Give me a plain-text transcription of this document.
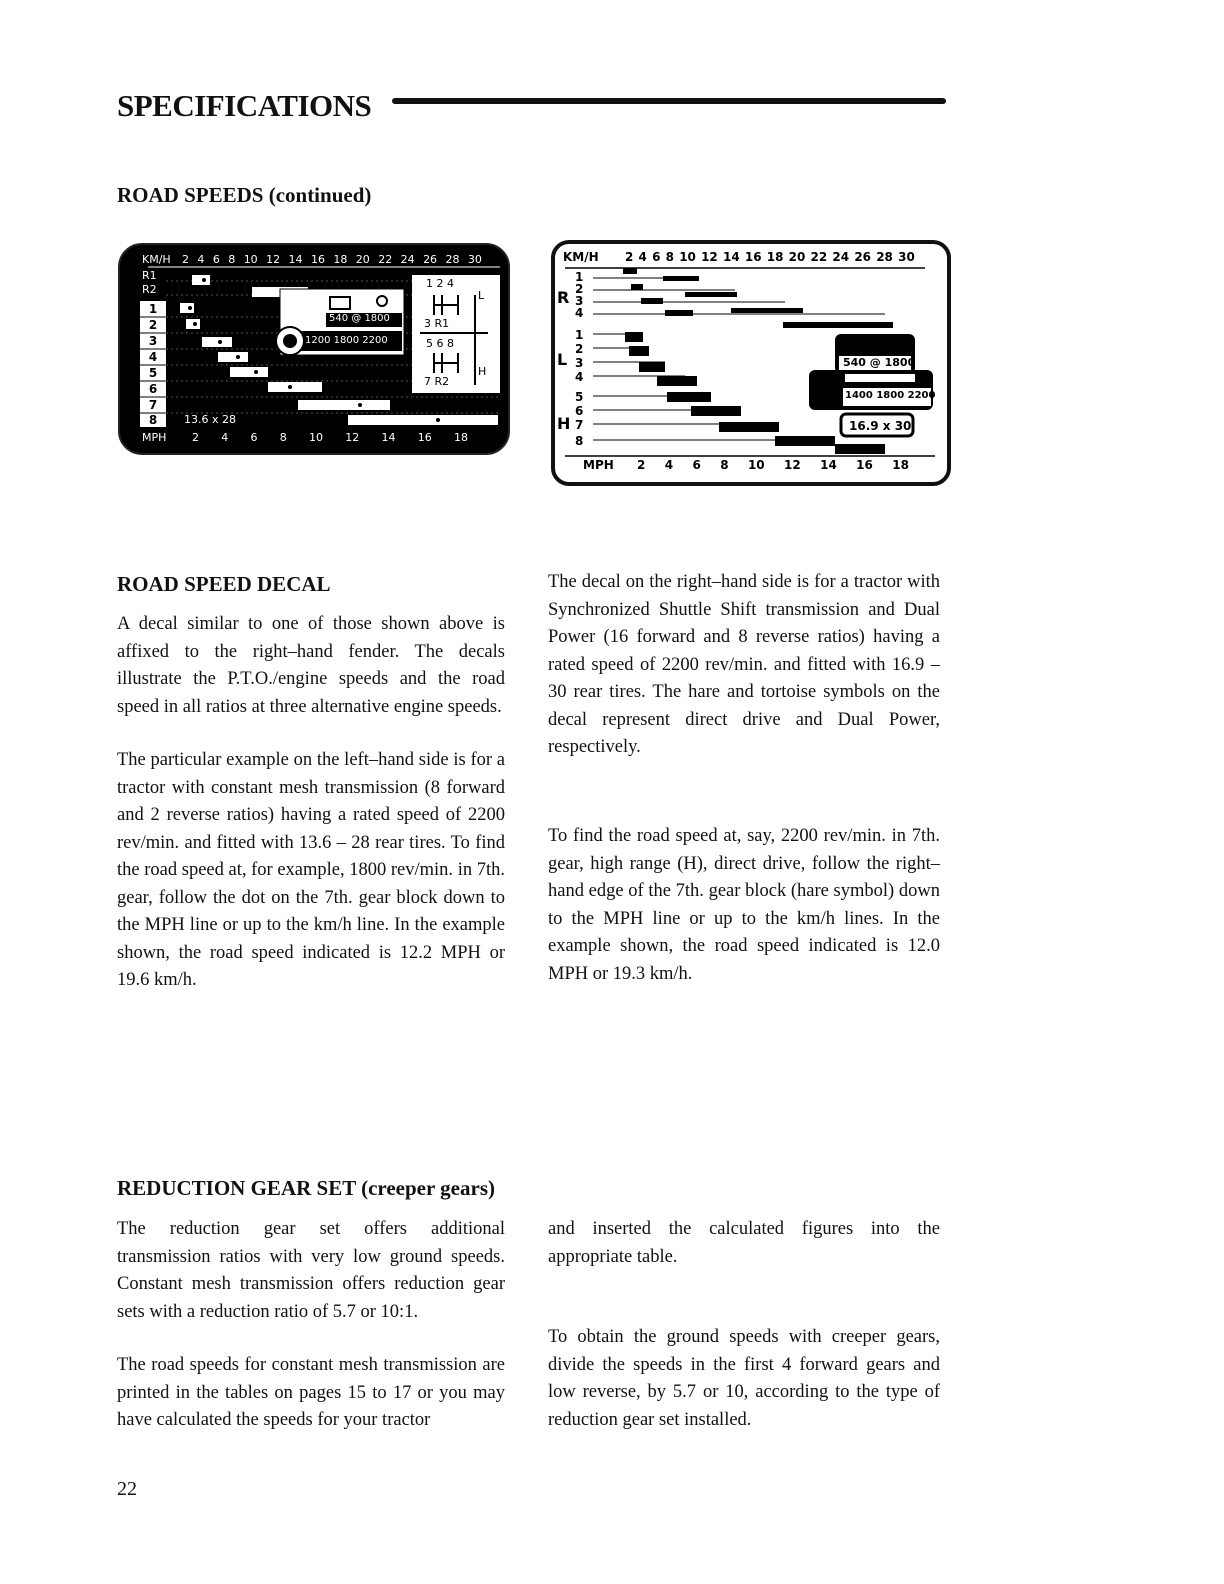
SPECIFICATIONS
ROAD SPEEDS (continued)
KM/H 2 4 6 8 10 12 14 16 18 20 22 24 26 28 30
R1
R2
1
2
3
4
5
6
7
8	13.6 x 28
MPH 2 4 6 8 10 12 14 16 18
540 @ 1800
1200 1800 2200
1 2 4
3 R1
5 6 8
7 R2
L
H
KM/H 2 4 6 8 10 12 14 16 18 20 22 24 26 28 30
R
L
H
1
2
3
4
1
2
3
4
5
6
7
8
MPH 2 4 6 8 10 12 14 16 18
540 @ 1800
1400 1800 2200
16.9 x 30
ROAD SPEED DECAL

A decal similar to one of those shown above is affixed to the right–hand fender. The decals illustrate the P.T.O./engine speeds and the road speed in all ratios at three alternative engine speeds.

The particular example on the left–hand side is for a tractor with constant mesh transmission (8 forward and 2 reverse ratios) having a rated speed of 2200 rev/min. and fitted with 13.6 – 28 rear tires. To find the road speed at, for example, 1800 rev/min. in 7th. gear, follow the dot on the 7th. gear block down to the MPH line or up to the km/h line. In the example shown, the road speed indicated is 12.2 MPH or 19.6 km/h.

The decal on the right–hand side is for a tractor with Synchronized Shuttle Shift transmission and Dual Power (16 forward and 8 reverse ratios) having a rated speed of 2200 rev/min. and fitted with 16.9 – 30 rear tires. The hare and tortoise symbols on the decal represent direct drive and Dual Power, respectively.

To find the road speed at, say, 2200 rev/min. in 7th. gear, high range (H), direct drive, follow the right–hand edge of the 7th. gear block (hare symbol) down to the MPH line or up to the km/h lines. In the example shown, the road speed indicated is 12.0 MPH or 19.3 km/h.

REDUCTION GEAR SET (creeper gears)

The reduction gear set offers additional transmission ratios with very low ground speeds. Constant mesh transmission offers reduction gear sets with a reduction ratio of 5.7 or 10:1.

The road speeds for constant mesh transmission are printed in the tables on pages 15 to 17 or you may have calculated the speeds for your tractor

and inserted the calculated figures into the appropriate table.

To obtain the ground speeds with creeper gears, divide the speeds in the first 4 forward gears and low reverse, by 5.7 or 10, according to the type of reduction gear set installed.

22
